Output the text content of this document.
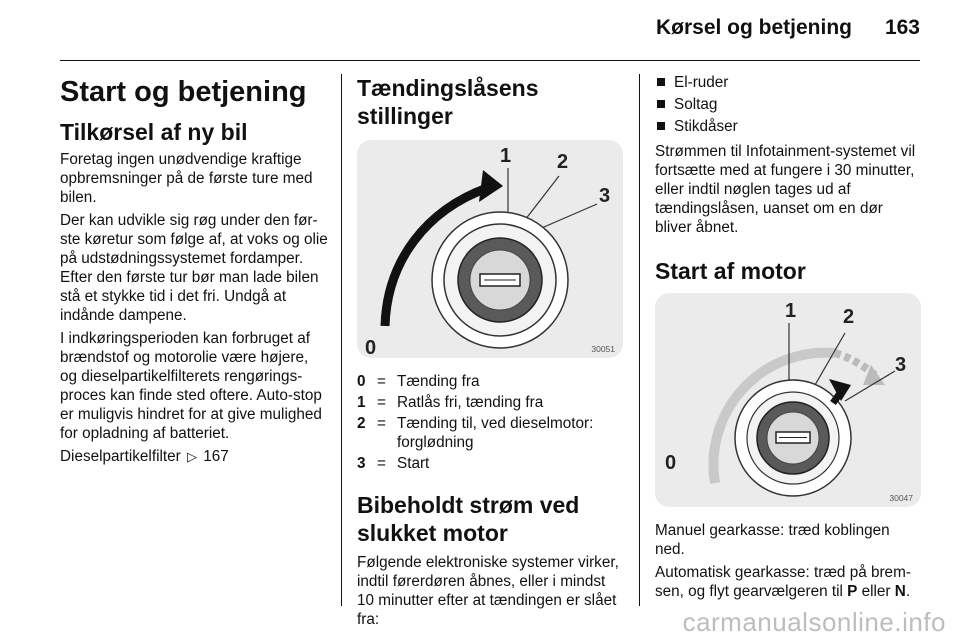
Kørsel og betjening 163
Start og betjening
Tilkørsel af ny bil

Foretag ingen unødvendige kraftige opbremsninger på de første ture med bilen.

Der kan udvikle sig røg under den første køretur som følge af, at voks og olie på udstødningssystemet fordamper. Efter den første tur bør man lade bilen stå et stykke tid i det fri. Undgå at indånde dampene.

I indkøringsperioden kan forbruget af brændstof og motorolie være højere, og dieselpartikelfilterets rengøringsproces kan finde sted oftere. Auto-stop er muligvis hindret for at give mulighed for opladning af batteriet.

Dieselpartikelfilter ▷ 167

Tændingslåsens stillinger
0
1 2
3
30051
0 = Tænding fra
1 = Ratlås fri, tænding fra
2 = Tænding til, ved dieselmotor: forglødning
3 = Start
Bibeholdt strøm ved slukket motor

Følgende elektroniske systemer virker, indtil førerdøren åbnes, eller i mindst 10 minutter efter at tændingen er slået fra:

El-ruder
Soltag
Stikdåser

Strømmen til Infotainment-systemet vil fortsætte med at fungere i 30 minutter, eller indtil nøglen tages ud af tændingslåsen, uanset om en dør bliver åbnet.

Start af motor
0
1 2
3
30047

Manuel gearkasse: træd koblingen ned.

Automatisk gearkasse: træd på bremsen, og flyt gearvælgeren til P eller N.

carmanualsonline.info
